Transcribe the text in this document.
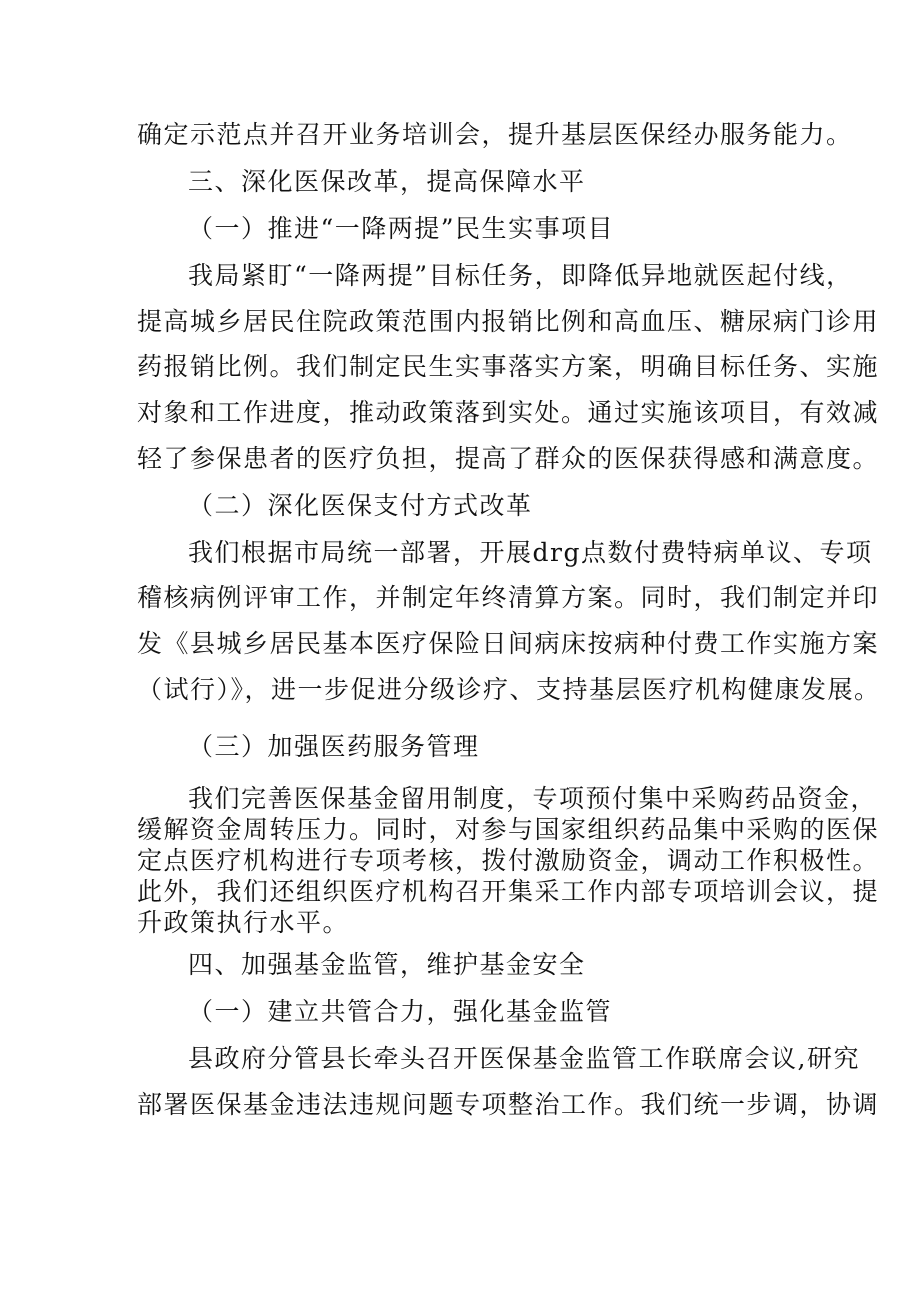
确定示范点并召开业务培训会，提升基层医保经办服务能力。
三、深化医保改革，提高保障水平
（一）推进“一降两提”民生实事项目
我局紧盯“一降两提”目标任务，即降低异地就医起付线，
提高城乡居民住院政策范围内报销比例和高血压、糖尿病门诊用
药报销比例。我们制定民生实事落实方案，明确目标任务、实施
对象和工作进度，推动政策落到实处。通过实施该项目，有效减
轻了参保患者的医疗负担，提高了群众的医保获得感和满意度。
（二）深化医保支付方式改革
我们根据市局统一部署，开展drg点数付费特病单议、专项
稽核病例评审工作，并制定年终清算方案。同时，我们制定并印
发《县城乡居民基本医疗保险日间病床按病种付费工作实施方案
（试行）》，进一步促进分级诊疗、支持基层医疗机构健康发展。
（三）加强医药服务管理
我们完善医保基金留用制度，专项预付集中采购药品资金，
缓解资金周转压力。同时，对参与国家组织药品集中采购的医保
定点医疗机构进行专项考核，拨付激励资金，调动工作积极性。
此外，我们还组织医疗机构召开集采工作内部专项培训会议，提
升政策执行水平。
四、加强基金监管，维护基金安全
（一）建立共管合力，强化基金监管
县政府分管县长牵头召开医保基金监管工作联席会议,研究
部署医保基金违法违规问题专项整治工作。我们统一步调，协调
